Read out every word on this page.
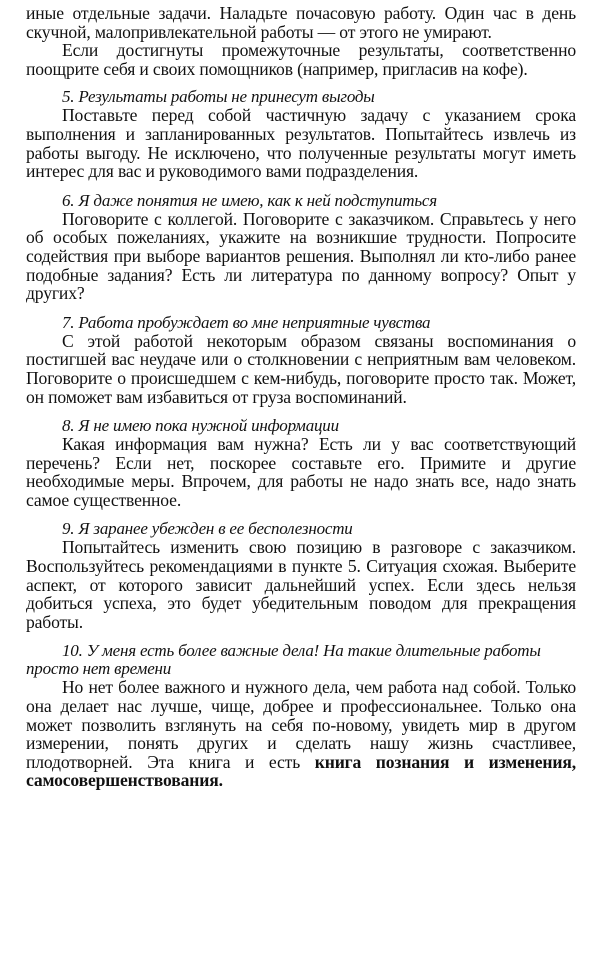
иные отдельные задачи. Наладьте почасовую работу. Один час в день скучной, малопривлекательной работы — от этого не умирают.

Если достигнуты промежуточные результаты, соответственно поощрите себя и своих помощников (например, пригласив на кофе).

5. Результаты работы не принесут выгоды

Поставьте перед собой частичную задачу с указанием срока выполнения и запланированных результатов. Попытайтесь извлечь из работы выгоду. Не исключено, что полученные результаты могут иметь интерес для вас и руководимого вами подразделения.

6. Я даже понятия не имею, как к ней подступиться

Поговорите с коллегой. Поговорите с заказчиком. Справьтесь у него об особых пожеланиях, укажите на возникшие трудности. Попросите содействия при выборе вариантов решения. Выполнял ли кто-либо ранее подобные задания? Есть ли литература по данному вопросу? Опыт у других?

7. Работа пробуждает во мне неприятные чувства

С этой работой некоторым образом связаны воспоминания о постигшей вас неудаче или о столкновении с неприятным вам человеком. Поговорите о происшедшем с кем-нибудь, поговорите просто так. Может, он поможет вам избавиться от груза воспоминаний.

8. Я не имею пока нужной информации

Какая информация вам нужна? Есть ли у вас соответствующий перечень? Если нет, поскорее составьте его. Примите и другие необходимые меры. Впрочем, для работы не надо знать все, надо знать самое существенное.

9. Я заранее убежден в ее бесполезности

Попытайтесь изменить свою позицию в разговоре с заказчиком. Воспользуйтесь рекомендациями в пункте 5. Ситуация схожая. Выберите аспект, от которого зависит дальнейший успех. Если здесь нельзя добиться успеха, это будет убедительным поводом для прекращения работы.

10. У меня есть более важные дела! На такие длительные работы просто нет времени

Но нет более важного и нужного дела, чем работа над собой. Только она делает нас лучше, чище, добрее и профессиональнее. Только она может позволить взглянуть на себя по-новому, увидеть мир в другом измерении, понять других и сделать нашу жизнь счастливее, плодотворней. Эта книга и есть книга познания и изменения, самосовершенствования.
